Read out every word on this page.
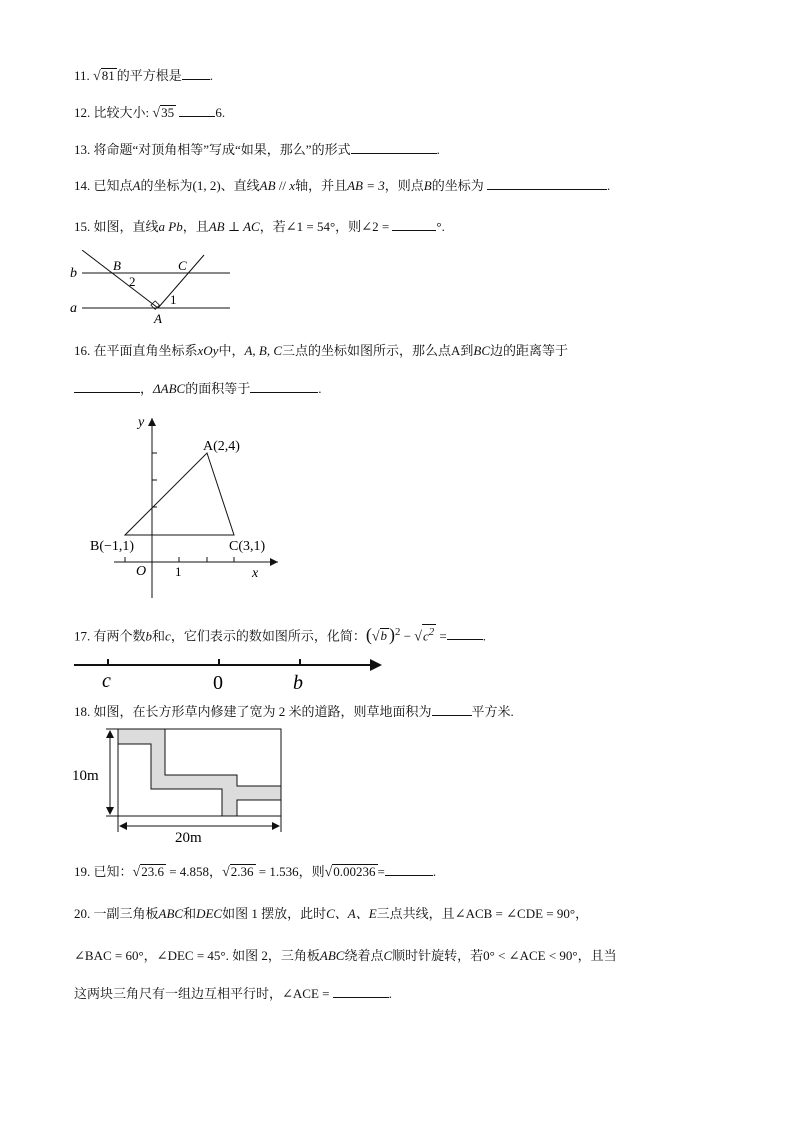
11. √81 的平方根是 .
12. 比较大小: √35	6.
13. 将命题“对顶角相等”写成“如果，那么”的形式	.
14. 已知点A的坐标为(1, 2)、直线AB // x轴，并且AB = 3，则点B的坐标为	.
15. 如图，直线a Pb，且AB ⊥ AC，若∠1 = 54°，则∠2 =	°.
b
a
B	C
A
1
2
16. 在平面直角坐标系xOy中，A, B, C三点的坐标如图所示，那么点A到BC边的距离等于
，ΔABC的面积等于	.
y
x
O 1
A(2,4)
B(−1,1)	C(3,1)
17. 有两个数b和c，它们表示的数如图所示，化简：(√b )$^2 - √c^2$ =	.
c	0	b
18. 如图，在长方形草内修建了宽为 2 米的道路，则草地面积为	平方米.
10m
20m
19. 已知：√23.6 = 4.858，√2.36 = 1.536，则√0.00236 =	.
20. 一副三角板ABC和DEC如图 1 摆放，此时C、A、E三点共线，且∠ACB = ∠CDE = 90°，
∠BAC = 60°，∠DEC = 45°. 如图 2，三角板ABC绕着点C顺时针旋转，若0° < ∠ACE < 90°，且当
这两块三角尺有一组边互相平行时，∠ACE =	.
